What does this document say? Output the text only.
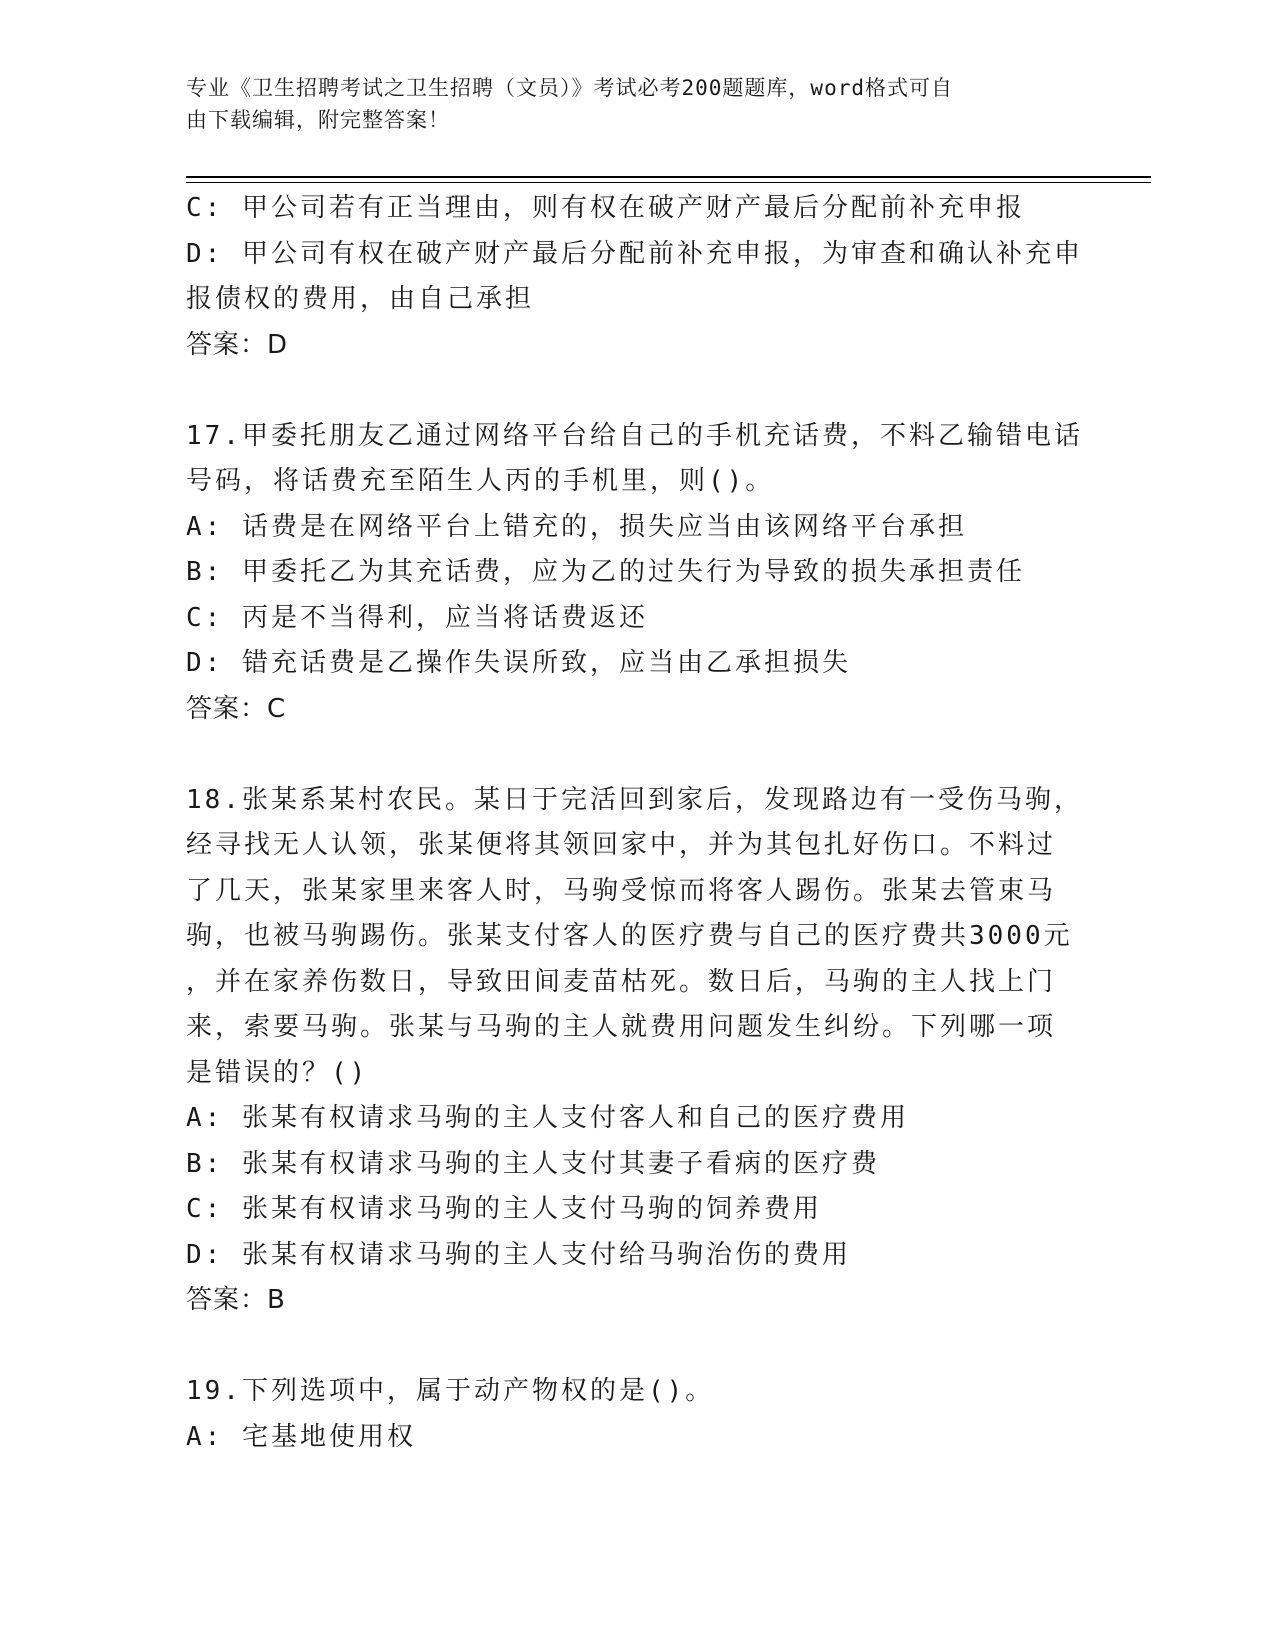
专业《卫生招聘考试之卫生招聘（文员）》考试必考200题题库，word格式可自
由下载编辑，附完整答案！
C: 甲公司若有正当理由，则有权在破产财产最后分配前补充申报
D: 甲公司有权在破产财产最后分配前补充申报，为审查和确认补充申
报债权的费用，由自己承担
答案：D
17.甲委托朋友乙通过网络平台给自己的手机充话费，不料乙输错电话
号码，将话费充至陌生人丙的手机里，则()。
A: 话费是在网络平台上错充的，损失应当由该网络平台承担
B: 甲委托乙为其充话费，应为乙的过失行为导致的损失承担责任
C: 丙是不当得利，应当将话费返还
D: 错充话费是乙操作失误所致，应当由乙承担损失
答案：C
18.张某系某村农民。某日于完活回到家后，发现路边有一受伤马驹，
经寻找无人认领，张某便将其领回家中，并为其包扎好伤口。不料过
了几天，张某家里来客人时，马驹受惊而将客人踢伤。张某去管束马
驹，也被马驹踢伤。张某支付客人的医疗费与自己的医疗费共3000元
，并在家养伤数日，导致田间麦苗枯死。数日后，马驹的主人找上门
来，索要马驹。张某与马驹的主人就费用问题发生纠纷。下列哪一项
是错误的？()
A: 张某有权请求马驹的主人支付客人和自己的医疗费用
B: 张某有权请求马驹的主人支付其妻子看病的医疗费
C: 张某有权请求马驹的主人支付马驹的饲养费用
D: 张某有权请求马驹的主人支付给马驹治伤的费用
答案：B
19.下列选项中，属于动产物权的是()。
A: 宅基地使用权
